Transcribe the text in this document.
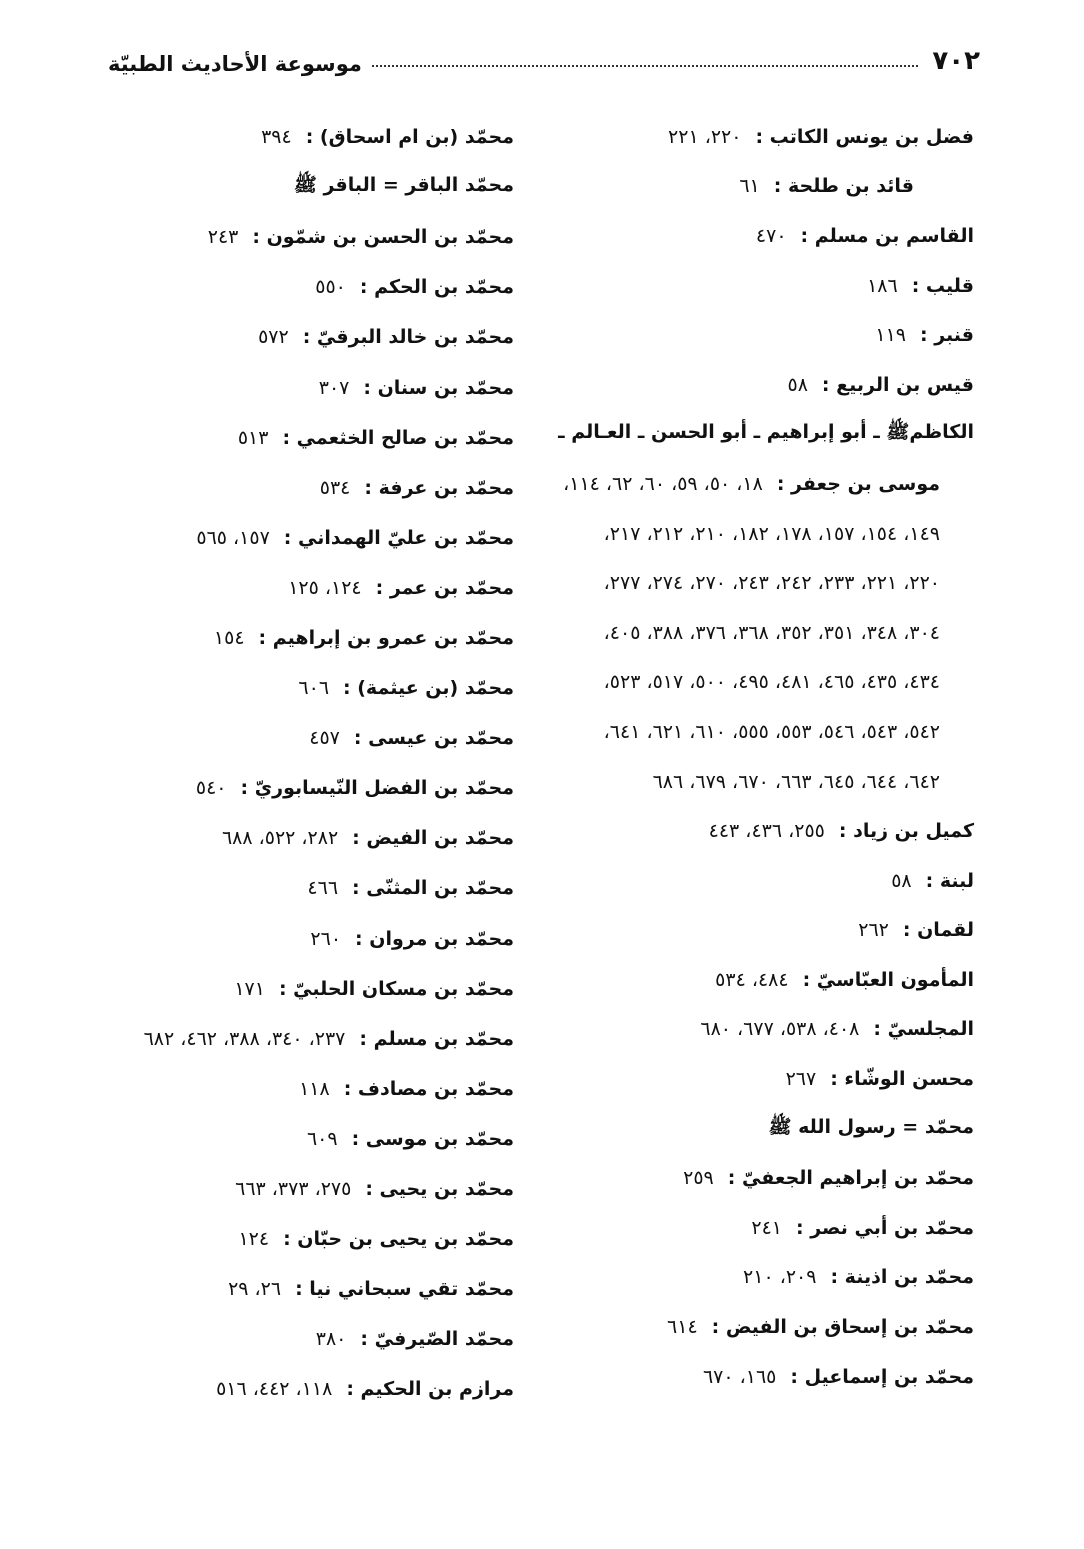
٧٠٢
موسوعة الأحاديث الطبيّة
فضل بن يونس الكاتب :
٢٢٠، ٢٢١
قائد بن طلحة :
٦١
القاسم بن مسلم :
٤٧٠
قليب :
١٨٦
قنبر :
١١٩
قيس بن الربيع :
٥٨
الكاظم‎ﷺ ـ أبو إبراهيم ـ أبو الحسن ـ العـالم ـ
موسى بن جعفر :
١٨، ٥٠، ٥٩، ٦٠، ٦٢، ١١٤،
١٤٩، ١٥٤، ١٥٧، ١٧٨، ١٨٢، ٢١٠، ٢١٢، ٢١٧،
٢٢٠، ٢٢١، ٢٣٣، ٢٤٢، ٢٤٣، ٢٧٠، ٢٧٤، ٢٧٧،
٣٠٤، ٣٤٨، ٣٥١، ٣٥٢، ٣٦٨، ٣٧٦، ٣٨٨، ٤٠٥،
٤٣٤، ٤٣٥، ٤٦٥، ٤٨١، ٤٩٥، ٥٠٠، ٥١٧، ٥٢٣،
٥٤٢، ٥٤٣، ٥٤٦، ٥٥٣، ٥٥٥، ٦١٠، ٦٢١، ٦٤١،
٦٤٢، ٦٤٤، ٦٤٥، ٦٦٣، ٦٧٠، ٦٧٩، ٦٨٦
كميل بن زياد :
٢٥٥، ٤٣٦، ٤٤٣
لبنة :
٥٨
لقمان :
٢٦٢
المأمون العبّاسيّ :
٤٨٤، ٥٣٤
المجلسيّ :
٤٠٨، ٥٣٨، ٦٧٧، ٦٨٠
محسن الوشّاء :
٢٦٧
محمّد = رسول الله ﷺ
محمّد بن إبراهيم الجعفيّ :
٢٥٩
محمّد بن أبي نصر :
٢٤١
محمّد بن اذينة :
٢٠٩، ٢١٠
محمّد بن إسحاق بن الفيض :
٦١٤
محمّد بن إسماعيل :
١٦٥، ٦٧٠
محمّد (بن ام اسحاق) :
٣٩٤
محمّد الباقر = الباقر ﷺ
محمّد بن الحسن بن شمّون :
٢٤٣
محمّد بن الحكم :
٥٥٠
محمّد بن خالد البرقيّ :
٥٧٢
محمّد بن سنان :
٣٠٧
محمّد بن صالح الخثعمي :
٥١٣
محمّد بن عرفة :
٥٣٤
محمّد بن عليّ الهمداني :
١٥٧، ٥٦٥
محمّد بن عمر :
١٢٤، ١٢٥
محمّد بن عمرو بن إبراهيم :
١٥٤
محمّد (بن عيثمة) :
٦٠٦
محمّد بن عيسى :
٤٥٧
محمّد بن الفضل النّيسابوريّ :
٥٤٠
محمّد بن الفيض :
٢٨٢، ٥٢٢، ٦٨٨
محمّد بن المثنّى :
٤٦٦
محمّد بن مروان :
٢٦٠
محمّد بن مسكان الحلبيّ :
١٧١
محمّد بن مسلم :
٢٣٧، ٣٤٠، ٣٨٨، ٤٦٢، ٦٨٢
محمّد بن مصادف :
١١٨
محمّد بن موسى :
٦٠٩
محمّد بن يحيى :
٢٧٥، ٣٧٣، ٦٦٣
محمّد بن يحيى بن حبّان :
١٢٤
محمّد تقي سبحاني نيا :
٢٦، ٢٩
محمّد الصّيرفيّ :
٣٨٠
مرازم بن الحكيم :
١١٨، ٤٤٢، ٥١٦
